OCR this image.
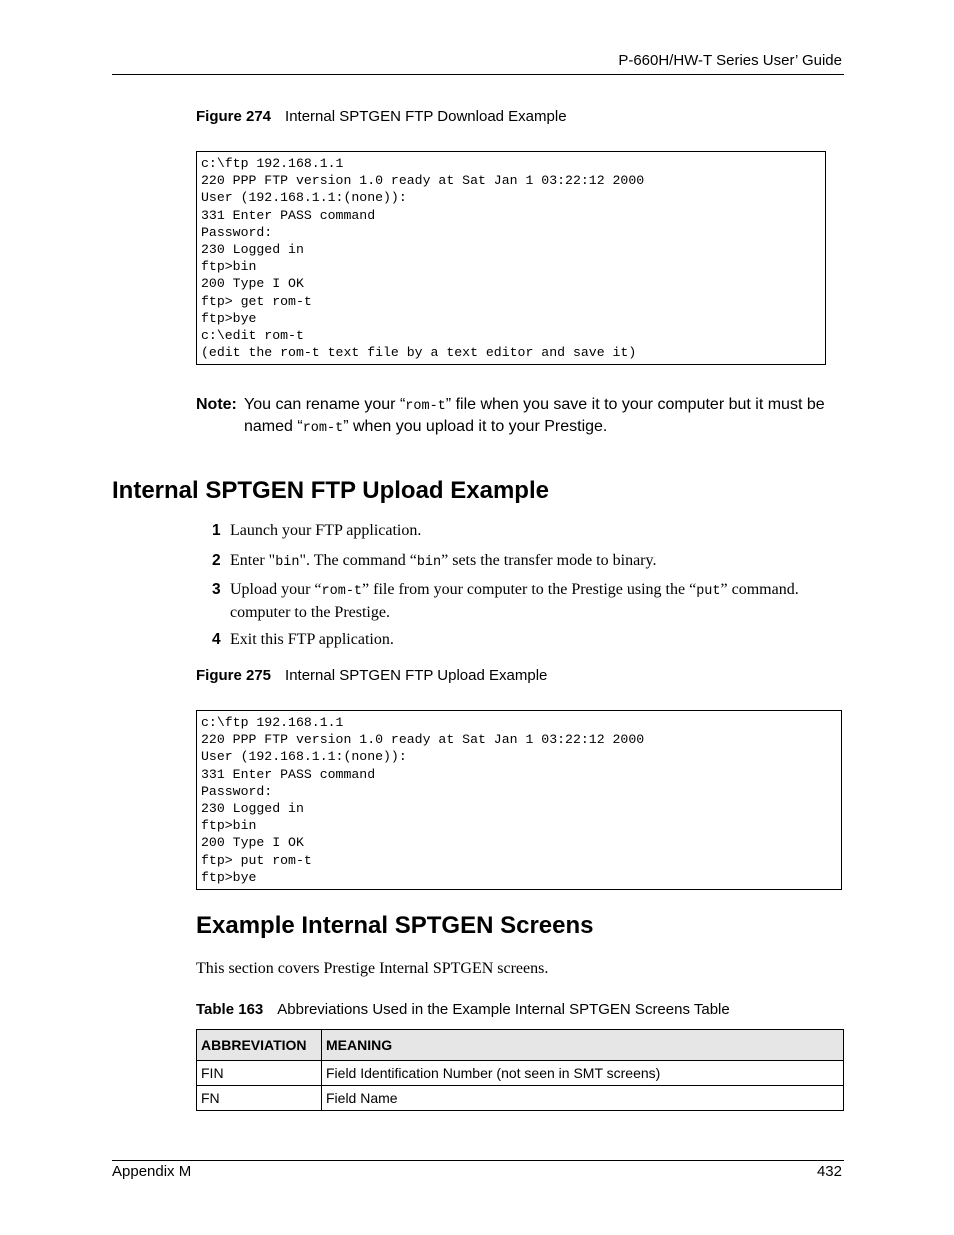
P-660H/HW-T Series User’ Guide
Figure 274 Internal SPTGEN FTP Download Example
c:\ftp 192.168.1.1
220 PPP FTP version 1.0 ready at Sat Jan 1 03:22:12 2000
User (192.168.1.1:(none)):
331 Enter PASS command
Password:
230 Logged in
ftp>bin
200 Type I OK
ftp> get rom-t
ftp>bye
c:\edit rom-t
(edit the rom-t text file by a text editor and save it)
Note: You can rename your “rom-t” file when you save it to your computer but it must be named “rom-t” when you upload it to your Prestige.
Internal SPTGEN FTP Upload Example
1 Launch your FTP application.
2 Enter "bin". The command “bin” sets the transfer mode to binary.
3 Upload your “rom-t” file from your computer to the Prestige using the “put” command. computer to the Prestige.
4 Exit this FTP application.
Figure 275 Internal SPTGEN FTP Upload Example
c:\ftp 192.168.1.1
220 PPP FTP version 1.0 ready at Sat Jan 1 03:22:12 2000
User (192.168.1.1:(none)):
331 Enter PASS command
Password:
230 Logged in
ftp>bin
200 Type I OK
ftp> put rom-t
ftp>bye
Example Internal SPTGEN Screens
This section covers Prestige Internal SPTGEN screens.
Table 163 Abbreviations Used in the Example Internal SPTGEN Screens Table
ABBREVIATION	MEANING
FIN	Field Identification Number (not seen in SMT screens)
FN	Field Name
Appendix M	432
